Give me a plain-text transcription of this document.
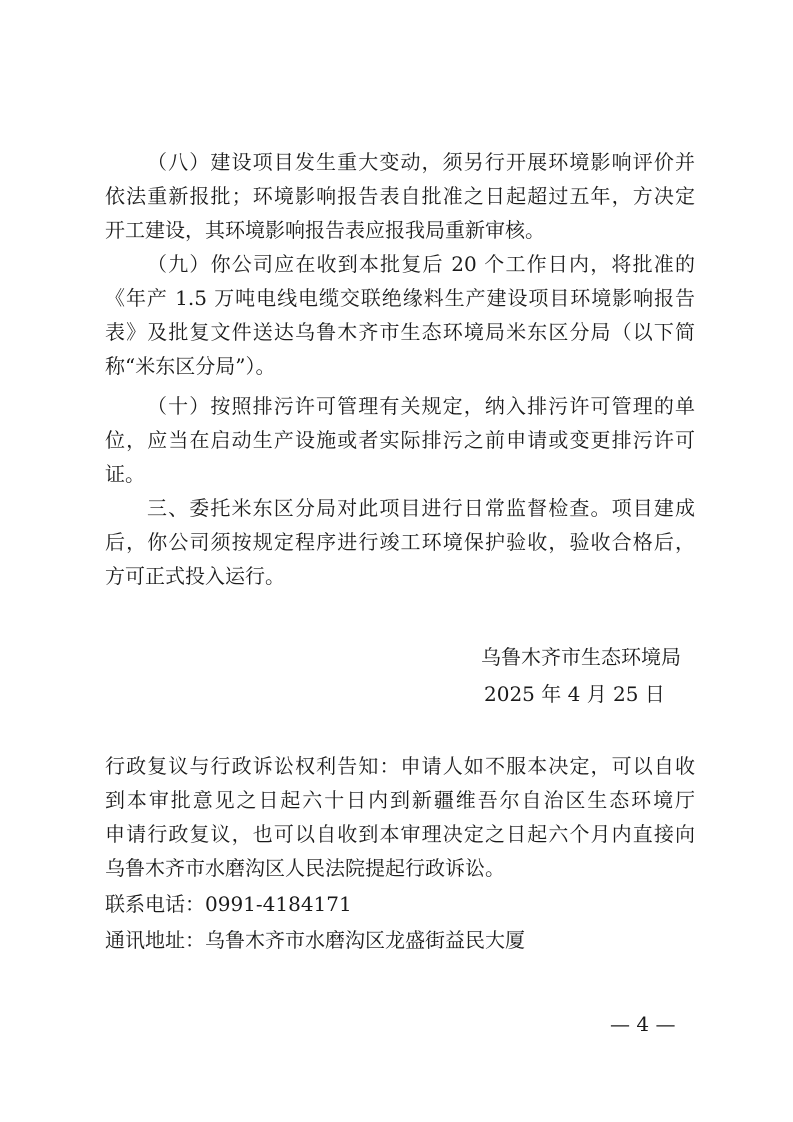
（八）建设项目发生重大变动，须另行开展环境影响评价并
依法重新报批；环境影响报告表自批准之日起超过五年，方决定
开工建设，其环境影响报告表应报我局重新审核。
（九）你公司应在收到本批复后 20 个工作日内，将批准的
《年产 1.5 万吨电线电缆交联绝缘料生产建设项目环境影响报告
表》及批复文件送达乌鲁木齐市生态环境局米东区分局（以下简
称“米东区分局”）。
（十）按照排污许可管理有关规定，纳入排污许可管理的单
位，应当在启动生产设施或者实际排污之前申请或变更排污许可
证。
三、委托米东区分局对此项目进行日常监督检查。项目建成
后，你公司须按规定程序进行竣工环境保护验收，验收合格后，
方可正式投入运行。
乌鲁木齐市生态环境局
2025 年 4 月 25 日
行政复议与行政诉讼权利告知：申请人如不服本决定，可以自收
到本审批意见之日起六十日内到新疆维吾尔自治区生态环境厅
申请行政复议，也可以自收到本审理决定之日起六个月内直接向
乌鲁木齐市水磨沟区人民法院提起行政诉讼。
联系电话：0991-4184171
通讯地址：乌鲁木齐市水磨沟区龙盛街益民大厦
— 4 —
